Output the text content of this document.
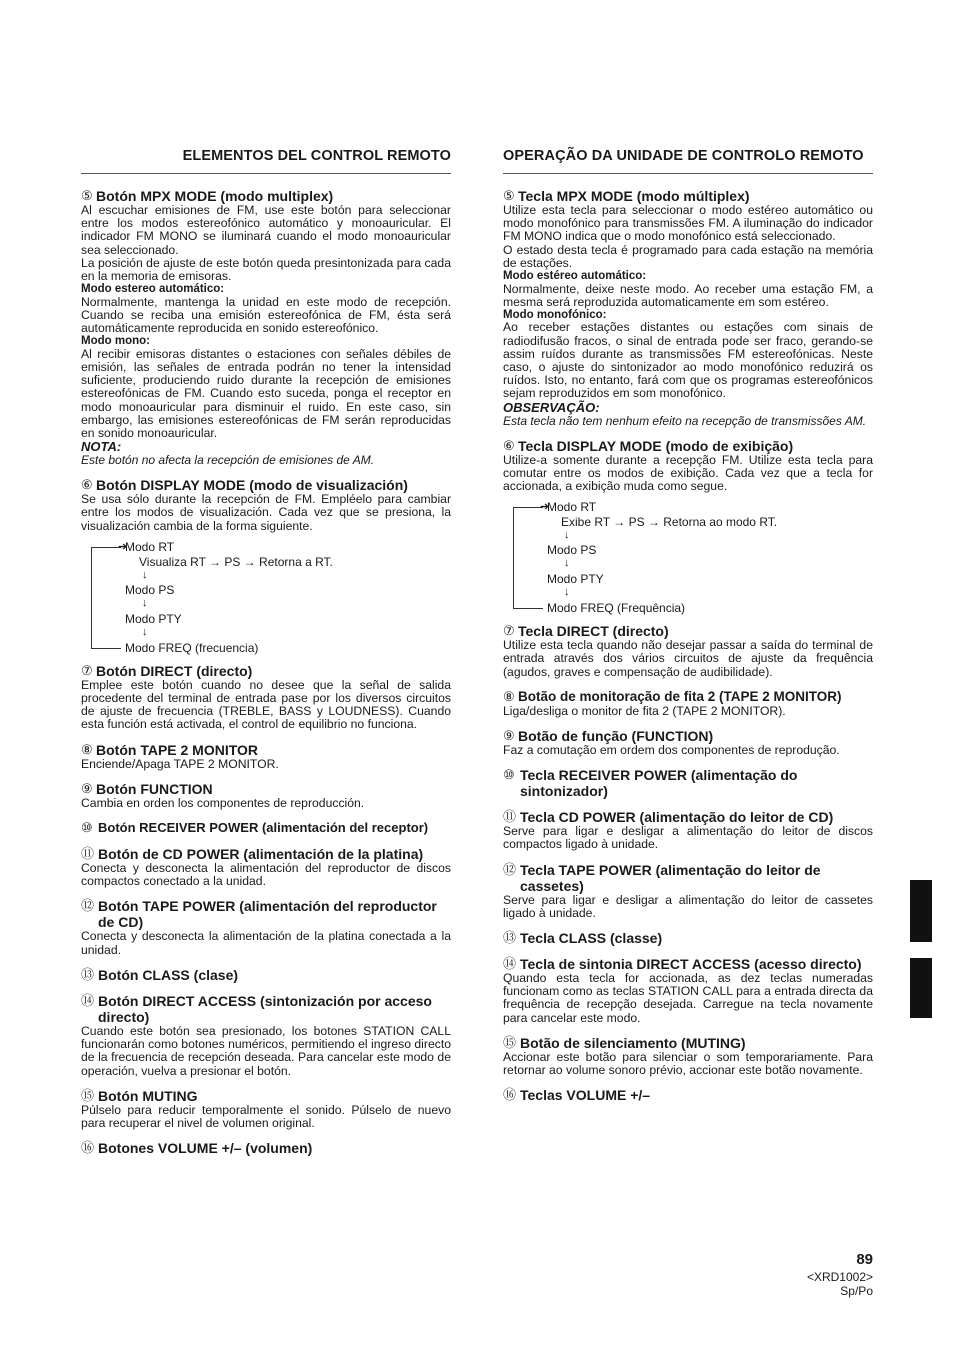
ELEMENTOS DEL CONTROL REMOTO
⑤ Botón MPX MODE (modo multiplex)
Al escuchar emisiones de FM, use este botón para seleccionar entre los modos estereofónico automático y monoauricular. El indicador FM MONO se iluminará cuando el modo monoauricular sea seleccionado.
La posición de ajuste de este botón queda presintonizada para cada en la memoria de emisoras.
Modo estereo automático:
Normalmente, mantenga la unidad en este modo de recepción. Cuando se reciba una emisión estereofónica de FM, ésta será automáticamente reproducida en sonido estereofónico.
Modo mono:
Al recibir emisoras distantes o estaciones con señales débiles de emisión, las señales de entrada podrán no tener la intensidad suficiente, produciendo ruido durante la recepción de emisiones estereofónicas de FM. Cuando esto suceda, ponga el receptor en modo monoauricular para disminuir el ruido. En este caso, sin embargo, las emisiones estereofónicas de FM serán reproducidas en sonido monoauricular.
NOTA:
Este botón no afecta la recepción de emisiones de AM.
⑥ Botón DISPLAY MODE (modo de visualización)
Se usa sólo durante la recepción de FM. Empléelo para cambiar entre los modos de visualización. Cada vez que se presiona, la visualización cambia de la forma siguiente.
➔
Modo RT
Visualiza RT → PS → Retorna a RT.
↓
Modo PS
↓
Modo PTY
↓
Modo FREQ (frecuencia)
⑦ Botón DIRECT (directo)
Emplee este botón cuando no desee que la señal de salida procedente del terminal de entrada pase por los diversos circuitos de ajuste de frecuencia (TREBLE, BASS y LOUDNESS). Cuando esta función está activada, el control de equilibrio no funciona.
⑧ Botón TAPE 2 MONITOR
Enciende/Apaga TAPE 2 MONITOR.
⑨ Botón FUNCTION
Cambia en orden los componentes de reproducción.
⑩ Botón RECEIVER POWER (alimentación del receptor)
⑪ Botón de CD POWER (alimentación de la platina)
Conecta y desconecta la alimentación del reproductor de discos compactos conectado a la unidad.
⑫ Botón TAPE POWER (alimentación del reproductor de CD)
Conecta y desconecta la alimentación de la platina conectada a la unidad.
⑬ Botón CLASS (clase)
⑭ Botón DIRECT ACCESS (sintonización por acceso directo)
Cuando este botón sea presionado, los botones STATION CALL funcionarán como botones numéricos, permitiendo el ingreso directo de la frecuencia de recepción deseada. Para cancelar este modo de operación, vuelva a presionar el botón.
⑮ Botón MUTING
Púlselo para reducir temporalmente el sonido. Púlselo de nuevo para recuperar el nivel de volumen original.
⑯ Botones VOLUME +/– (volumen)
OPERAÇÃO DA UNIDADE DE CONTROLO REMOTO
⑤ Tecla MPX MODE (modo múltiplex)
Utilize esta tecla para seleccionar o modo estéreo automático ou modo monofónico para transmissões FM. A iluminação do indicador FM MONO indica que o modo monofónico está seleccionado.
O estado desta tecla é programado para cada estação na memória de estações.
Modo estéreo automático:
Normalmente, deixe neste modo. Ao receber uma estação FM, a mesma será reproduzida automaticamente em som estéreo.
Modo monofónico:
Ao receber estações distantes ou estações com sinais de radiodifusão fracos, o sinal de entrada pode ser fraco, gerando-se assim ruídos durante as transmissões FM estereofónicas. Neste caso, o ajuste do sintonizador ao modo monofónico reduzirá os ruídos. Isto, no entanto, fará com que os programas estereofónicos sejam reproduzidos em som monofónico.
OBSERVAÇÃO:
Esta tecla não tem nenhum efeito na recepção de transmissões AM.
⑥ Tecla DISPLAY MODE (modo de exibição)
Utilize-a somente durante a recepção FM. Utilize esta tecla para comutar entre os modos de exibição. Cada vez que a tecla for accionada, a exibição muda como segue.
➔
Modo RT
Exibe RT → PS → Retorna ao modo RT.
↓
Modo PS
↓
Modo PTY
↓
Modo FREQ (Frequência)
⑦ Tecla DIRECT (directo)
Utilize esta tecla quando não desejar passar a saída do terminal de entrada através dos vários circuitos de ajuste da frequência (agudos, graves e compensação de audibilidade).
⑧ Botão de monitoração de fita 2 (TAPE 2 MONITOR)
Liga/desliga o monitor de fita 2 (TAPE 2 MONITOR).
⑨ Botão de função (FUNCTION)
Faz a comutação em ordem dos componentes de reprodução.
⑩ Tecla RECEIVER POWER (alimentação do sintonizador)
⑪ Tecla CD POWER (alimentação do leitor de CD)
Serve para ligar e desligar a alimentação do leitor de discos compactos ligado à unidade.
⑫ Tecla TAPE POWER (alimentação do leitor de cassetes)
Serve para ligar e desligar a alimentação do leitor de cassetes ligado à unidade.
⑬ Tecla CLASS (classe)
⑭ Tecla de sintonia DIRECT ACCESS (acesso directo)
Quando esta tecla for accionada, as dez teclas numeradas funcionam como as teclas STATION CALL para a entrada directa da frequência de recepção desejada. Carregue na tecla novamente para cancelar este modo.
⑮ Botão de silenciamento (MUTING)
Accionar este botão para silenciar o som temporariamente. Para retornar ao volume sonoro prévio, accionar este botão novamente.
⑯ Teclas VOLUME +/–
89
<XRD1002>
Sp/Po
